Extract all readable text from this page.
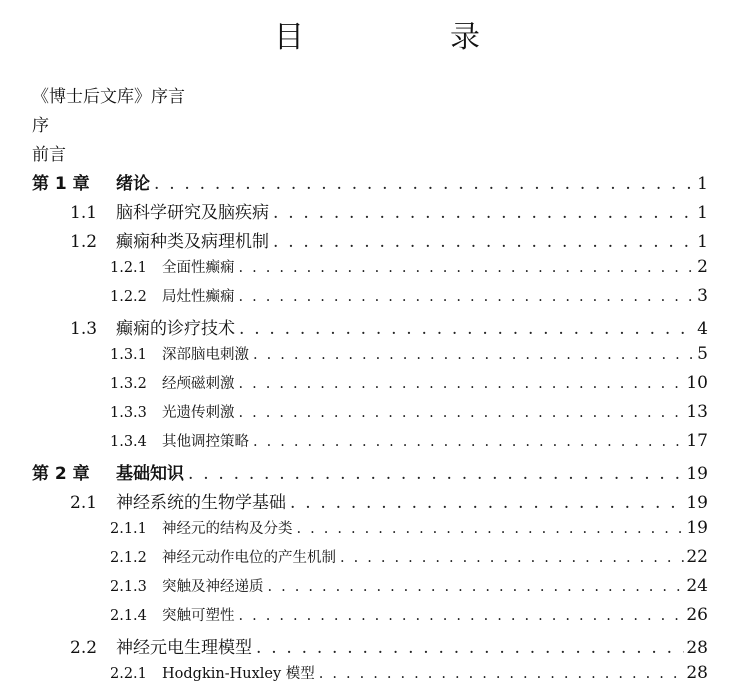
目　录
《博士后文库》序言
序
前言
第 1 章	绪论 . . .	1
1.1	脑科学研究及脑疾病 . . .	1
1.2	癫痫种类及病理机制 . . .	1
1.2.1	全面性癫痫 . . .	2
1.2.2	局灶性癫痫 . . .	3
1.3	癫痫的诊疗技术 . . .	4
1.3.1	深部脑电刺激 . . .	5
1.3.2	经颅磁刺激 . . .	10
1.3.3	光遗传刺激 . . .	13
1.3.4	其他调控策略 . . .	17
第 2 章	基础知识 . . .	19
2.1	神经系统的生物学基础 . . .	19
2.1.1	神经元的结构及分类 . . .	19
2.1.2	神经元动作电位的产生机制 . . .	22
2.1.3	突触及神经递质 . . .	24
2.1.4	突触可塑性 . . .	26
2.2	神经元电生理模型 . . .	28
2.2.1	Hodgkin-Huxley 模型 . . .	28
